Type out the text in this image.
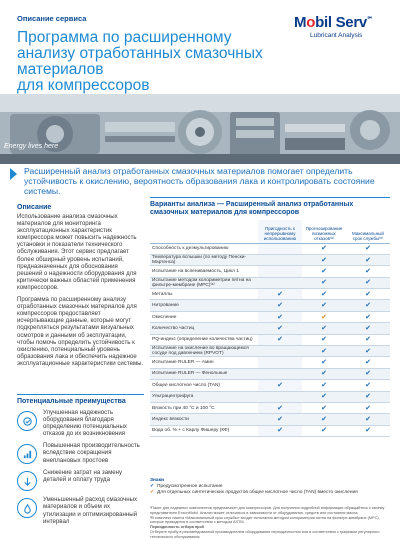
Описание сервиса
Программа по расширенному
анализу отработанных смазочных материалов
для компрессоров
Mobil Serv℠
Lubricant Analysis
Energy lives here

Расширенный анализ отработанных смазочных материалов помогает определить устойчивость к окислению, вероятность образования лака и контролировать состояние системы.

Описание

Использование анализа смазочных материалов для мониторинга эксплуатационных характеристик компрессора может повысить надежность установки и показатели технического обслуживания. Этот сервис предлагает более обширный уровень испытаний, предназначенных для обоснования решений о надежности оборудования для критически важных областей применения компрессоров.

Программа по расширенному анализу отработанных смазочных материалов для компрессоров предоставляет исчерпывающие данные, которые могут подкрепляться результатами визуальных осмотров и данными об эксплуатации, чтобы помочь определить устойчивость к окислению, потенциальный уровень образования лака и обеспечить надежное эксплуатационные характеристики системы.

Потенциальные преимущества
Улучшенная надежность оборудования благодаря определению потенциальных отказов до их возникновения
Повышенная производительность вследствие сокращения внеплановых простоев
Снижение затрат на замену деталей и оплату труда
Уменьшенный расход смазочных материалов и объем их утилизации и оптимизированный интервал
Варианты анализа — Расширенный анализ отработанных смазочных материалов для компрессоров
	Пригодность к непрерывному использованию	Прогнозирование возможных отказов⁽ᵃ⁾	Максимальный срок службы⁽ᵇ⁾
Способность к деэмульгированию		✔	✔
Температура вспышки (по методу Пенски-Мартенса)		✔	✔
Испытание на вспениваемость, Цикл 1		✔	✔
Испытание методом колориметрии пятна на фильтре-мембране (MPC)⁽ᵃ⁾		✔	✔
Металлы	✔	✔	✔
Нитрование	✔	✔	✔
Окисление	✔	✔	✔
Количество частиц	✔	✔	✔
PQ-индекс (определение количества частиц)	✔	✔	✔
Испытание на окисление во вращающемся сосуде под давлением (RPVOT)		✔	✔
Испытание RULER — Амин		✔	✔
Испытание RULER — Фенольные		✔	✔
Общее кислотное число (TAN)	✔	✔	✔
Ультрацентрифуга		✔	✔
Вязкость при 40 °C и 100 °C	✔	✔	✔
Индекс вязкости	✔	✔	✔
Вода об. % + с Карлу Фишеру (КФ)	✔	✔	✔
Знаки
✔ Предусмотренное испытание
✔ Для отдельных синтетических продуктов общее кислотное число (TAN) вместо окисления
ᵃПакет для надежных компонентов предназначен для компрессоров. Для получения подробной информации обращайтесь к своему представителю ExxonMobil. Анализ может отличаться в зависимости от оборудования, средств или состояния масла.
ᵇВ комплект пакета «Максимальный срок службы» входят испытания методом колориметрии пятна на фильтре-мембране (MPC), которое проводится в соответствии с методом ASTM.
Периодичность отбора проб
Отберите пробу в рекомендованной производителем оборудования периодичностью или в соответствии с графиком регулярного технического обслуживания.
